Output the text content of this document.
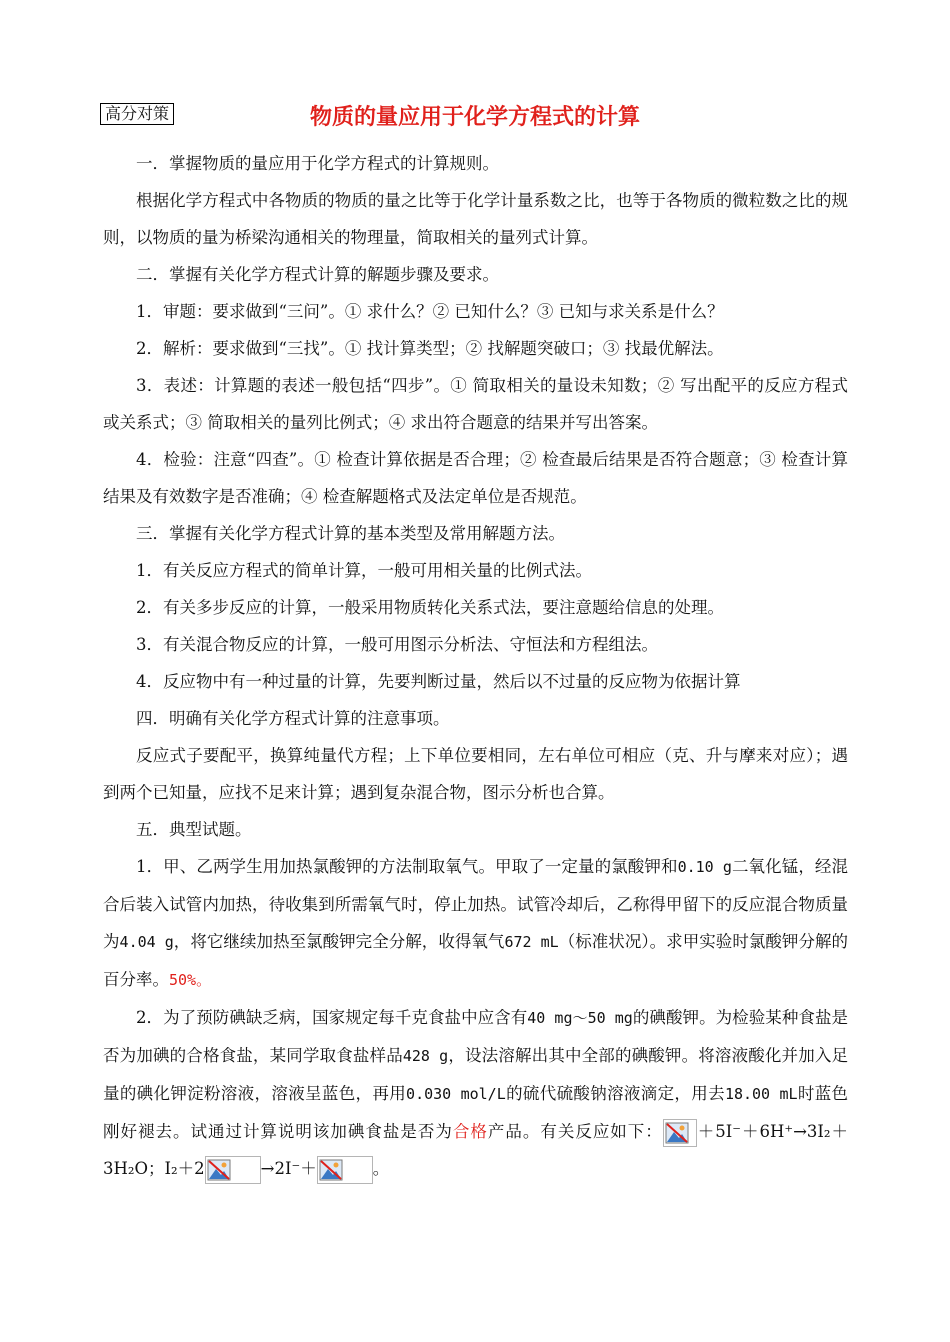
高分对策	物质的量应用于化学方程式的计算

一．掌握物质的量应用于化学方程式的计算规则。

根据化学方程式中各物质的物质的量之比等于化学计量系数之比，也等于各物质的微粒数之比的规则，以物质的量为桥梁沟通相关的物理量，简取相关的量列式计算。

二．掌握有关化学方程式计算的解题步骤及要求。

1．审题：要求做到“三问”。① 求什么？② 已知什么？③ 已知与求关系是什么？

2．解析：要求做到“三找”。① 找计算类型；② 找解题突破口；③ 找最优解法。

3．表述：计算题的表述一般包括“四步”。① 简取相关的量设未知数；② 写出配平的反应方程式或关系式；③ 简取相关的量列比例式；④ 求出符合题意的结果并写出答案。

4．检验：注意“四查”。① 检查计算依据是否合理；② 检查最后结果是否符合题意；③ 检查计算结果及有效数字是否准确；④ 检查解题格式及法定单位是否规范。

三．掌握有关化学方程式计算的基本类型及常用解题方法。

1．有关反应方程式的简单计算，一般可用相关量的比例式法。

2．有关多步反应的计算，一般采用物质转化关系式法，要注意题给信息的处理。

3．有关混合物反应的计算，一般可用图示分析法、守恒法和方程组法。

4．反应物中有一种过量的计算，先要判断过量，然后以不过量的反应物为依据计算

四．明确有关化学方程式计算的注意事项。

反应式子要配平，换算纯量代方程；上下单位要相同，左右单位可相应（克、升与摩来对应）；遇到两个已知量，应找不足来计算；遇到复杂混合物，图示分析也合算。

五．典型试题。

1．甲、乙两学生用加热氯酸钾的方法制取氧气。甲取了一定量的氯酸钾和0.10 g二氧化锰，经混合后装入试管内加热，待收集到所需氧气时，停止加热。试管冷却后，乙称得甲留下的反应混合物质量为4.04 g，将它继续加热至氯酸钾完全分解，收得氧气672 mL（标准状况）。求甲实验时氯酸钾分解的百分率。50%。

2．为了预防碘缺乏病，国家规定每千克食盐中应含有40 mg～50 mg的碘酸钾。为检验某种食盐是否为加碘的合格食盐，某同学取食盐样品428 g，设法溶解出其中全部的碘酸钾。将溶液酸化并加入足量的碘化钾淀粉溶液，溶液呈蓝色，再用0.030 mol/L的硫代硫酸钠溶液滴定，用去18.00 mL时蓝色刚好褪去。试通过计算说明该加碘食盐是否为合格产品。有关反应如下： ＋5I⁻＋6H⁺→3I₂＋3H₂O；I₂＋2	→2I⁻＋	。
